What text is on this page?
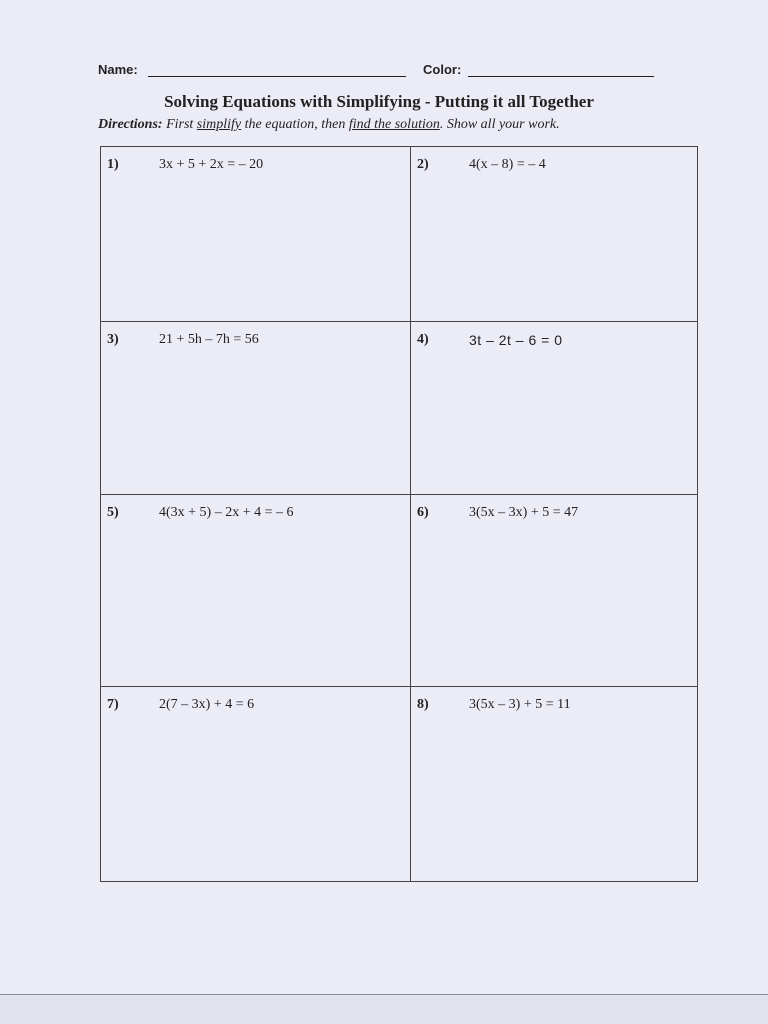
Name:	Color:
Solving Equations with Simplifying - Putting it all Together
Directions: First simplify the equation, then find the solution. Show all your work.
1)	3x + 5 + 2x = – 20	2)	4(x – 8) = – 4
3)	21 + 5h – 7h = 56	4)	3t – 2t – 6 = 0
5)	4(3x + 5) – 2x + 4 = – 6	6)	3(5x – 3x) + 5 = 47
7)	2(7 – 3x) + 4 = 6	8)	3(5x – 3) + 5 = 11
